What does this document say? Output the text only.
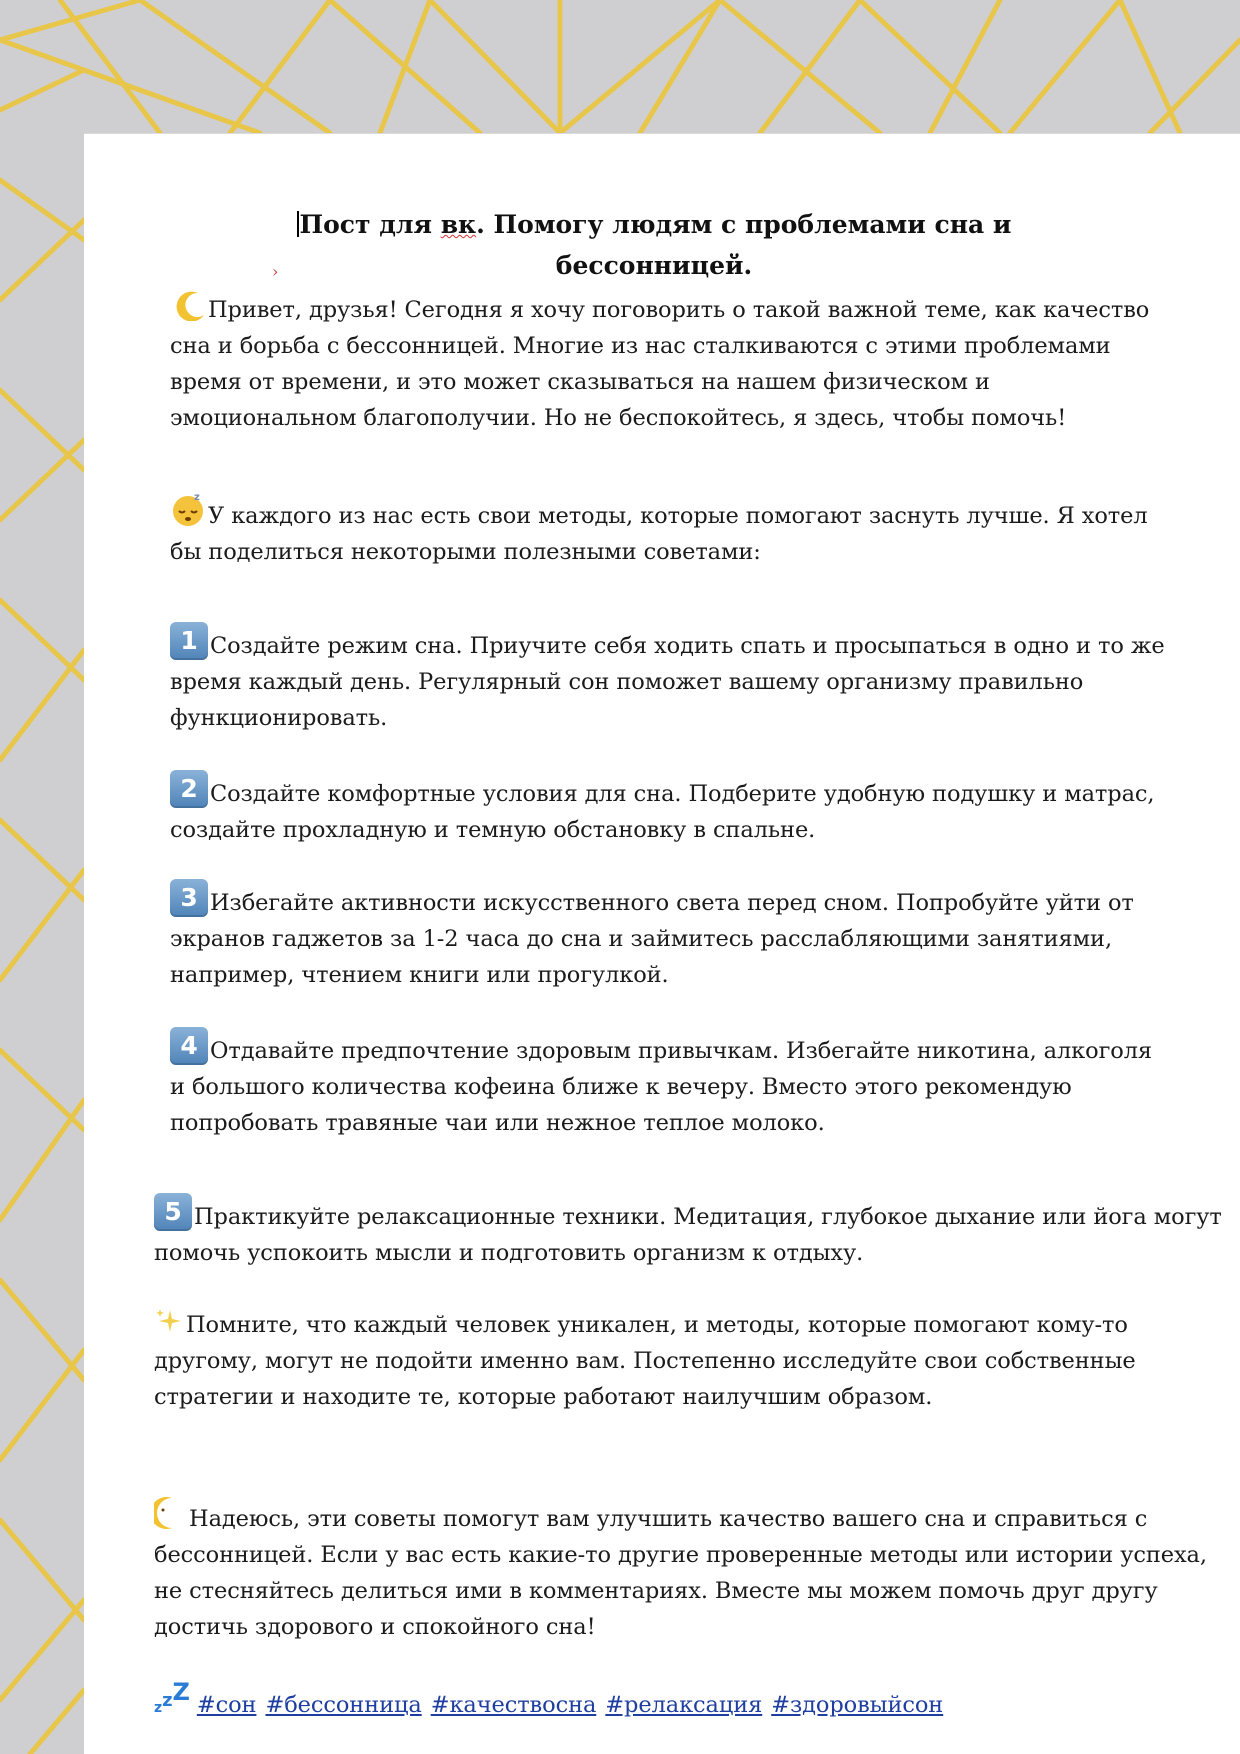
Пост для вк. Помогу людям с проблемами сна и бессонницей.
›
Привет, друзья! Сегодня я хочу поговорить о такой важной теме, как качество сна и борьба с бессонницей. Многие из нас сталкиваются с этими проблемами время от времени, и это может сказываться на нашем физическом и эмоциональном благополучии. Но не беспокойтесь, я здесь, чтобы помочь!
z
У каждого из нас есть свои методы, которые помогают заснуть лучше. Я хотел бы поделиться некоторыми полезными советами:
1 Создайте режим сна. Приучите себя ходить спать и просыпаться в одно и то же время каждый день. Регулярный сон поможет вашему организму правильно функционировать.
2 Создайте комфортные условия для сна. Подберите удобную подушку и матрас, создайте прохладную и темную обстановку в спальне.
3 Избегайте активности искусственного света перед сном. Попробуйте уйти от экранов гаджетов за 1-2 часа до сна и займитесь расслабляющими занятиями, например, чтением книги или прогулкой.
4 Отдавайте предпочтение здоровым привычкам. Избегайте никотина, алкоголя и большого количества кофеина ближе к вечеру. Вместо этого рекомендую попробовать травяные чаи или нежное теплое молоко.
5 Практикуйте релаксационные техники. Медитация, глубокое дыхание или йога могут помочь успокоить мысли и подготовить организм к отдыху.
Помните, что каждый человек уникален, и методы, которые помогают кому-то другому, могут не подойти именно вам. Постепенно исследуйте свои собственные стратегии и находите те, которые работают наилучшим образом.
Надеюсь, эти советы помогут вам улучшить качество вашего сна и справиться с бессонницей. Если у вас есть какие-то другие проверенные методы или истории успеха, не стесняйтесь делиться ими в комментариях. Вместе мы можем помочь друг другу достичь здорового и спокойного сна!
$z^zZ$ #сон #бессонница #качествосна #релаксация #здоровыйсон
